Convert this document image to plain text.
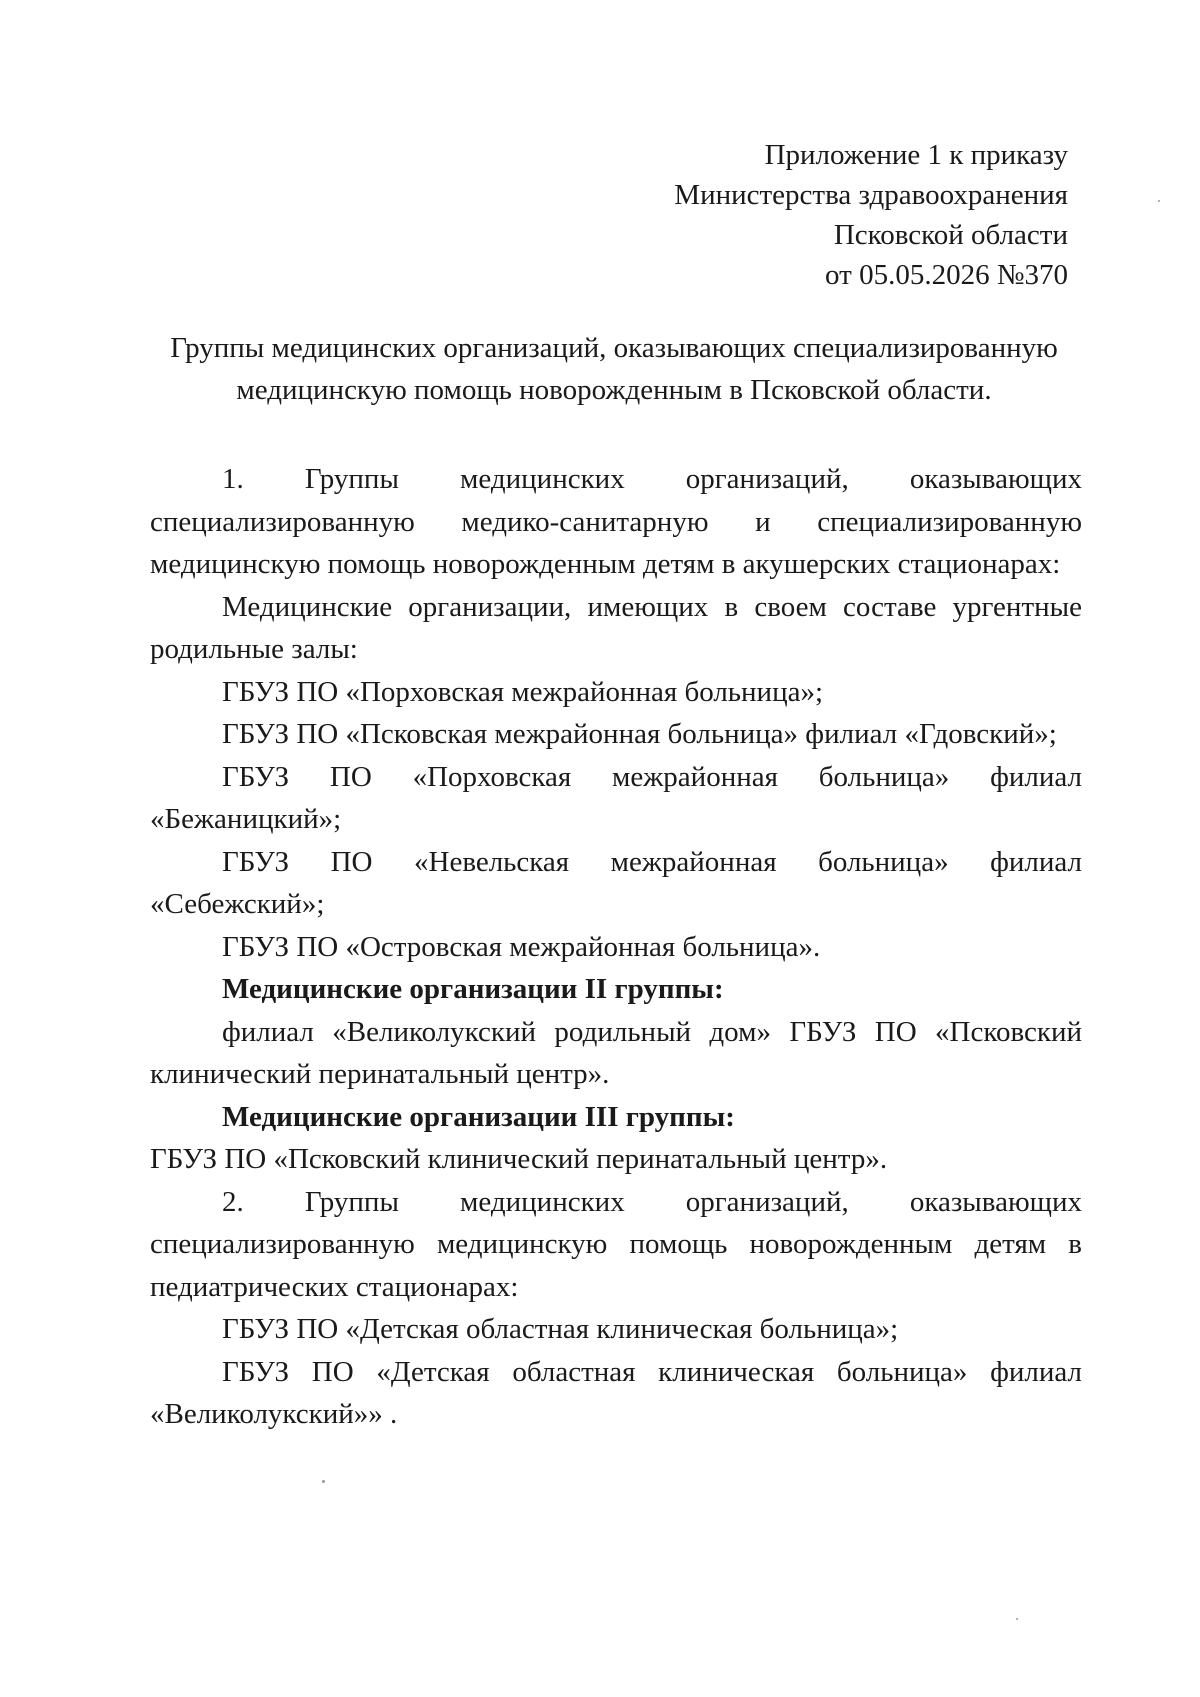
Приложение 1 к приказу
Министерства здравоохранения
Псковской области
от 05.05.2026 №370
Группы медицинских организаций, оказывающих специализированную
медицинскую помощь новорожденным в Псковской области.

1. Группы медицинских организаций, оказывающих специализированную медико-санитарную и специализированную медицинскую помощь новорожденным детям в акушерских стационарах:

Медицинские организации, имеющих в своем составе ургентные родильные залы:

ГБУЗ ПО «Порховская межрайонная больница»;

ГБУЗ ПО «Псковская межрайонная больница» филиал «Гдовский»;

ГБУЗ ПО «Порховская межрайонная больница» филиал «Бежаницкий»;

ГБУЗ ПО «Невельская межрайонная больница» филиал «Себежский»;

ГБУЗ ПО «Островская межрайонная больница».

Медицинские организации II группы:

филиал «Великолукский родильный дом» ГБУЗ ПО «Псковский клинический перинатальный центр».

Медицинские организации III группы:

ГБУЗ ПО «Псковский клинический перинатальный центр».

2. Группы медицинских организаций, оказывающих специализированную медицинскую помощь новорожденным детям в педиатрических стационарах:

ГБУЗ ПО «Детская областная клиническая больница»;

ГБУЗ ПО «Детская областная клиническая больница» филиал «Великолукский»» .
